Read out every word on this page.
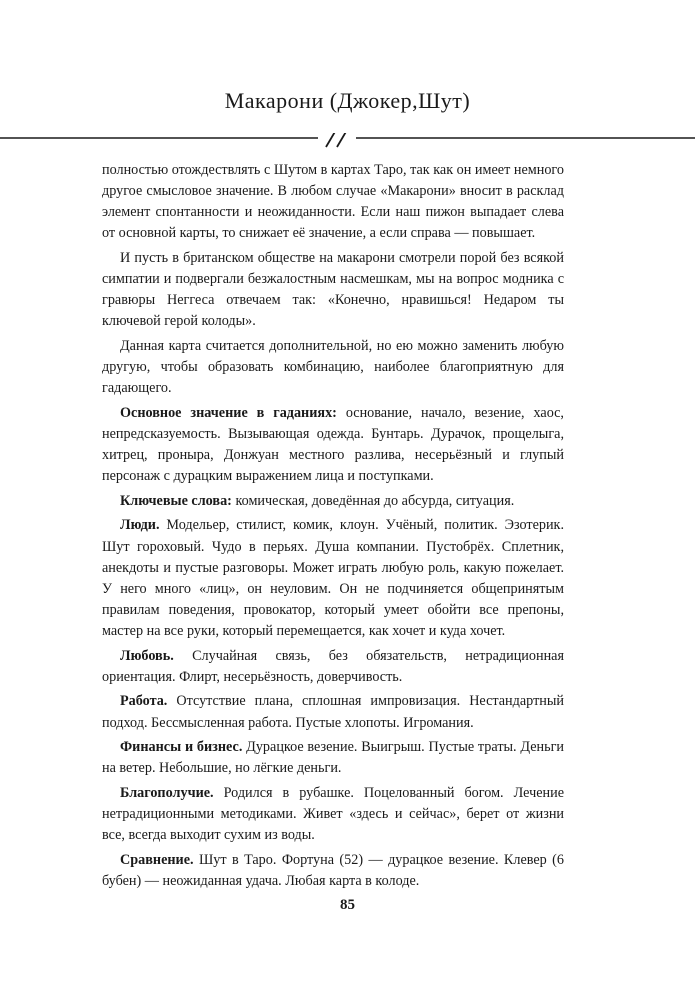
Макарони (Джокер,Шут)

полностью отождествлять с Шутом в картах Таро, так как он имеет немного другое смысловое значение. В любом случае «Макарони» вносит в расклад элемент спонтанности и неожиданности. Если наш пижон выпадает слева от основной карты, то снижает её значение, а если справа — повышает.

И пусть в британском обществе на макарони смотрели порой без всякой симпатии и подвергали безжалостным насмешкам, мы на вопрос модника с гравюры Неггеса отвечаем так: «Конечно, нравишься! Недаром ты ключевой герой колоды».

Данная карта считается дополнительной, но ею можно заменить любую другую, чтобы образовать комбинацию, наиболее благоприятную для гадающего.

Основное значение в гаданиях: основание, начало, везение, хаос, непредсказуемость. Вызывающая одежда. Бунтарь. Дурачок, прощелыга, хитрец, пронырa, Донжуан местного разлива, несерьёзный и глупый персонаж с дурацким выражением лица и поступками.

Ключевые слова: комическая, доведённая до абсурда, ситуация.

Люди. Модельер, стилист, комик, клоун. Учёный, политик. Эзотерик. Шут гороховый. Чудо в перьях. Душа компании. Пустобрёх. Сплетник, анекдоты и пустые разговоры. Может играть любую роль, какую пожелает. У него много «лиц», он неуловим. Он не подчиняется общепринятым правилам поведения, провокатор, который умеет обойти все препоны, мастер на все руки, который перемещается, как хочет и куда хочет.

Любовь. Случайная связь, без обязательств, нетрадиционная ориентация. Флирт, несерьёзность, доверчивость.

Работа. Отсутствие плана, сплошная импровизация. Нестандартный подход. Бессмысленная работа. Пустые хлопоты. Игромания.

Финансы и бизнес. Дурацкое везение. Выигрыш. Пустые траты. Деньги на ветер. Небольшие, но лёгкие деньги.

Благополучие. Родился в рубашке. Поцелованный богом. Лечение нетрадиционными методиками. Живет «здесь и сейчас», берет от жизни все, всегда выходит сухим из воды.

Сравнение. Шут в Таро. Фортуна (52) — дурацкое везение. Клевер (6 бубен) — неожиданная удача. Любая карта в колоде.

85
